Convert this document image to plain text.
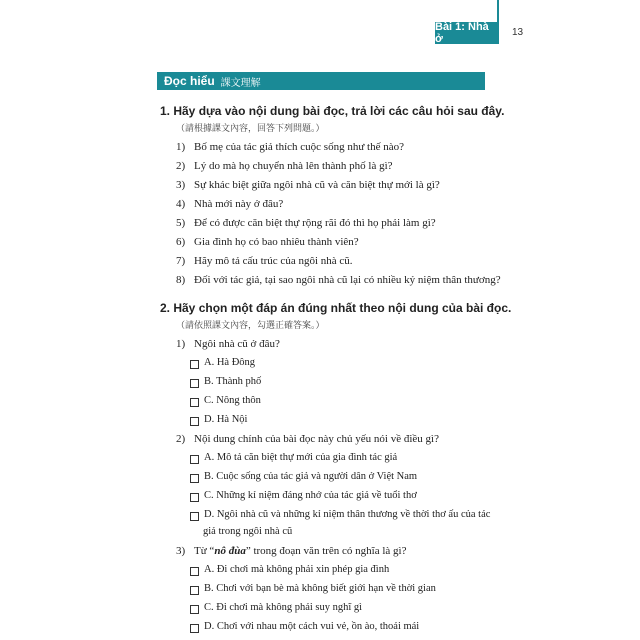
Bài 1: Nhà ở
13
Đọc hiểu 課文理解
1. Hãy dựa vào nội dung bài đọc, trả lời các câu hỏi sau đây.
（請根據課文內容，回答下列問題。）
1) Bố mẹ của tác giả thích cuộc sống như thế nào?
2) Lý do mà họ chuyển nhà lên thành phố là gì?
3) Sự khác biệt giữa ngôi nhà cũ và căn biệt thự mới là gì?
4) Nhà mới này ở đâu?
5) Để có được căn biệt thự rộng rãi đó thì họ phải làm gì?
6) Gia đình họ có bao nhiêu thành viên?
7) Hãy mô tả cấu trúc của ngôi nhà cũ.
8) Đối với tác giả, tại sao ngôi nhà cũ lại có nhiều kỷ niệm thân thương?
2. Hãy chọn một đáp án đúng nhất theo nội dung của bài đọc.
（請依照課文內容，勾選正確答案。）
1) Ngôi nhà cũ ở đâu?
A. Hà Đông
B. Thành phố
C. Nông thôn
D. Hà Nội
2) Nội dung chính của bài đọc này chủ yếu nói về điều gì?
A. Mô tả căn biệt thự mới của gia đình tác giả
B. Cuộc sống của tác giả và người dân ở Việt Nam
C. Những kỉ niệm đáng nhớ của tác giả về tuổi thơ
D. Ngôi nhà cũ và những kỉ niệm thân thương về thời thơ ấu của tác
giả trong ngôi nhà cũ
3) Từ “nô đùa” trong đoạn văn trên có nghĩa là gì?
A. Đi chơi mà không phải xin phép gia đình
B. Chơi với bạn bè mà không biết giới hạn về thời gian
C. Đi chơi mà không phải suy nghĩ gì
D. Chơi với nhau một cách vui vẻ, ồn ào, thoải mái
